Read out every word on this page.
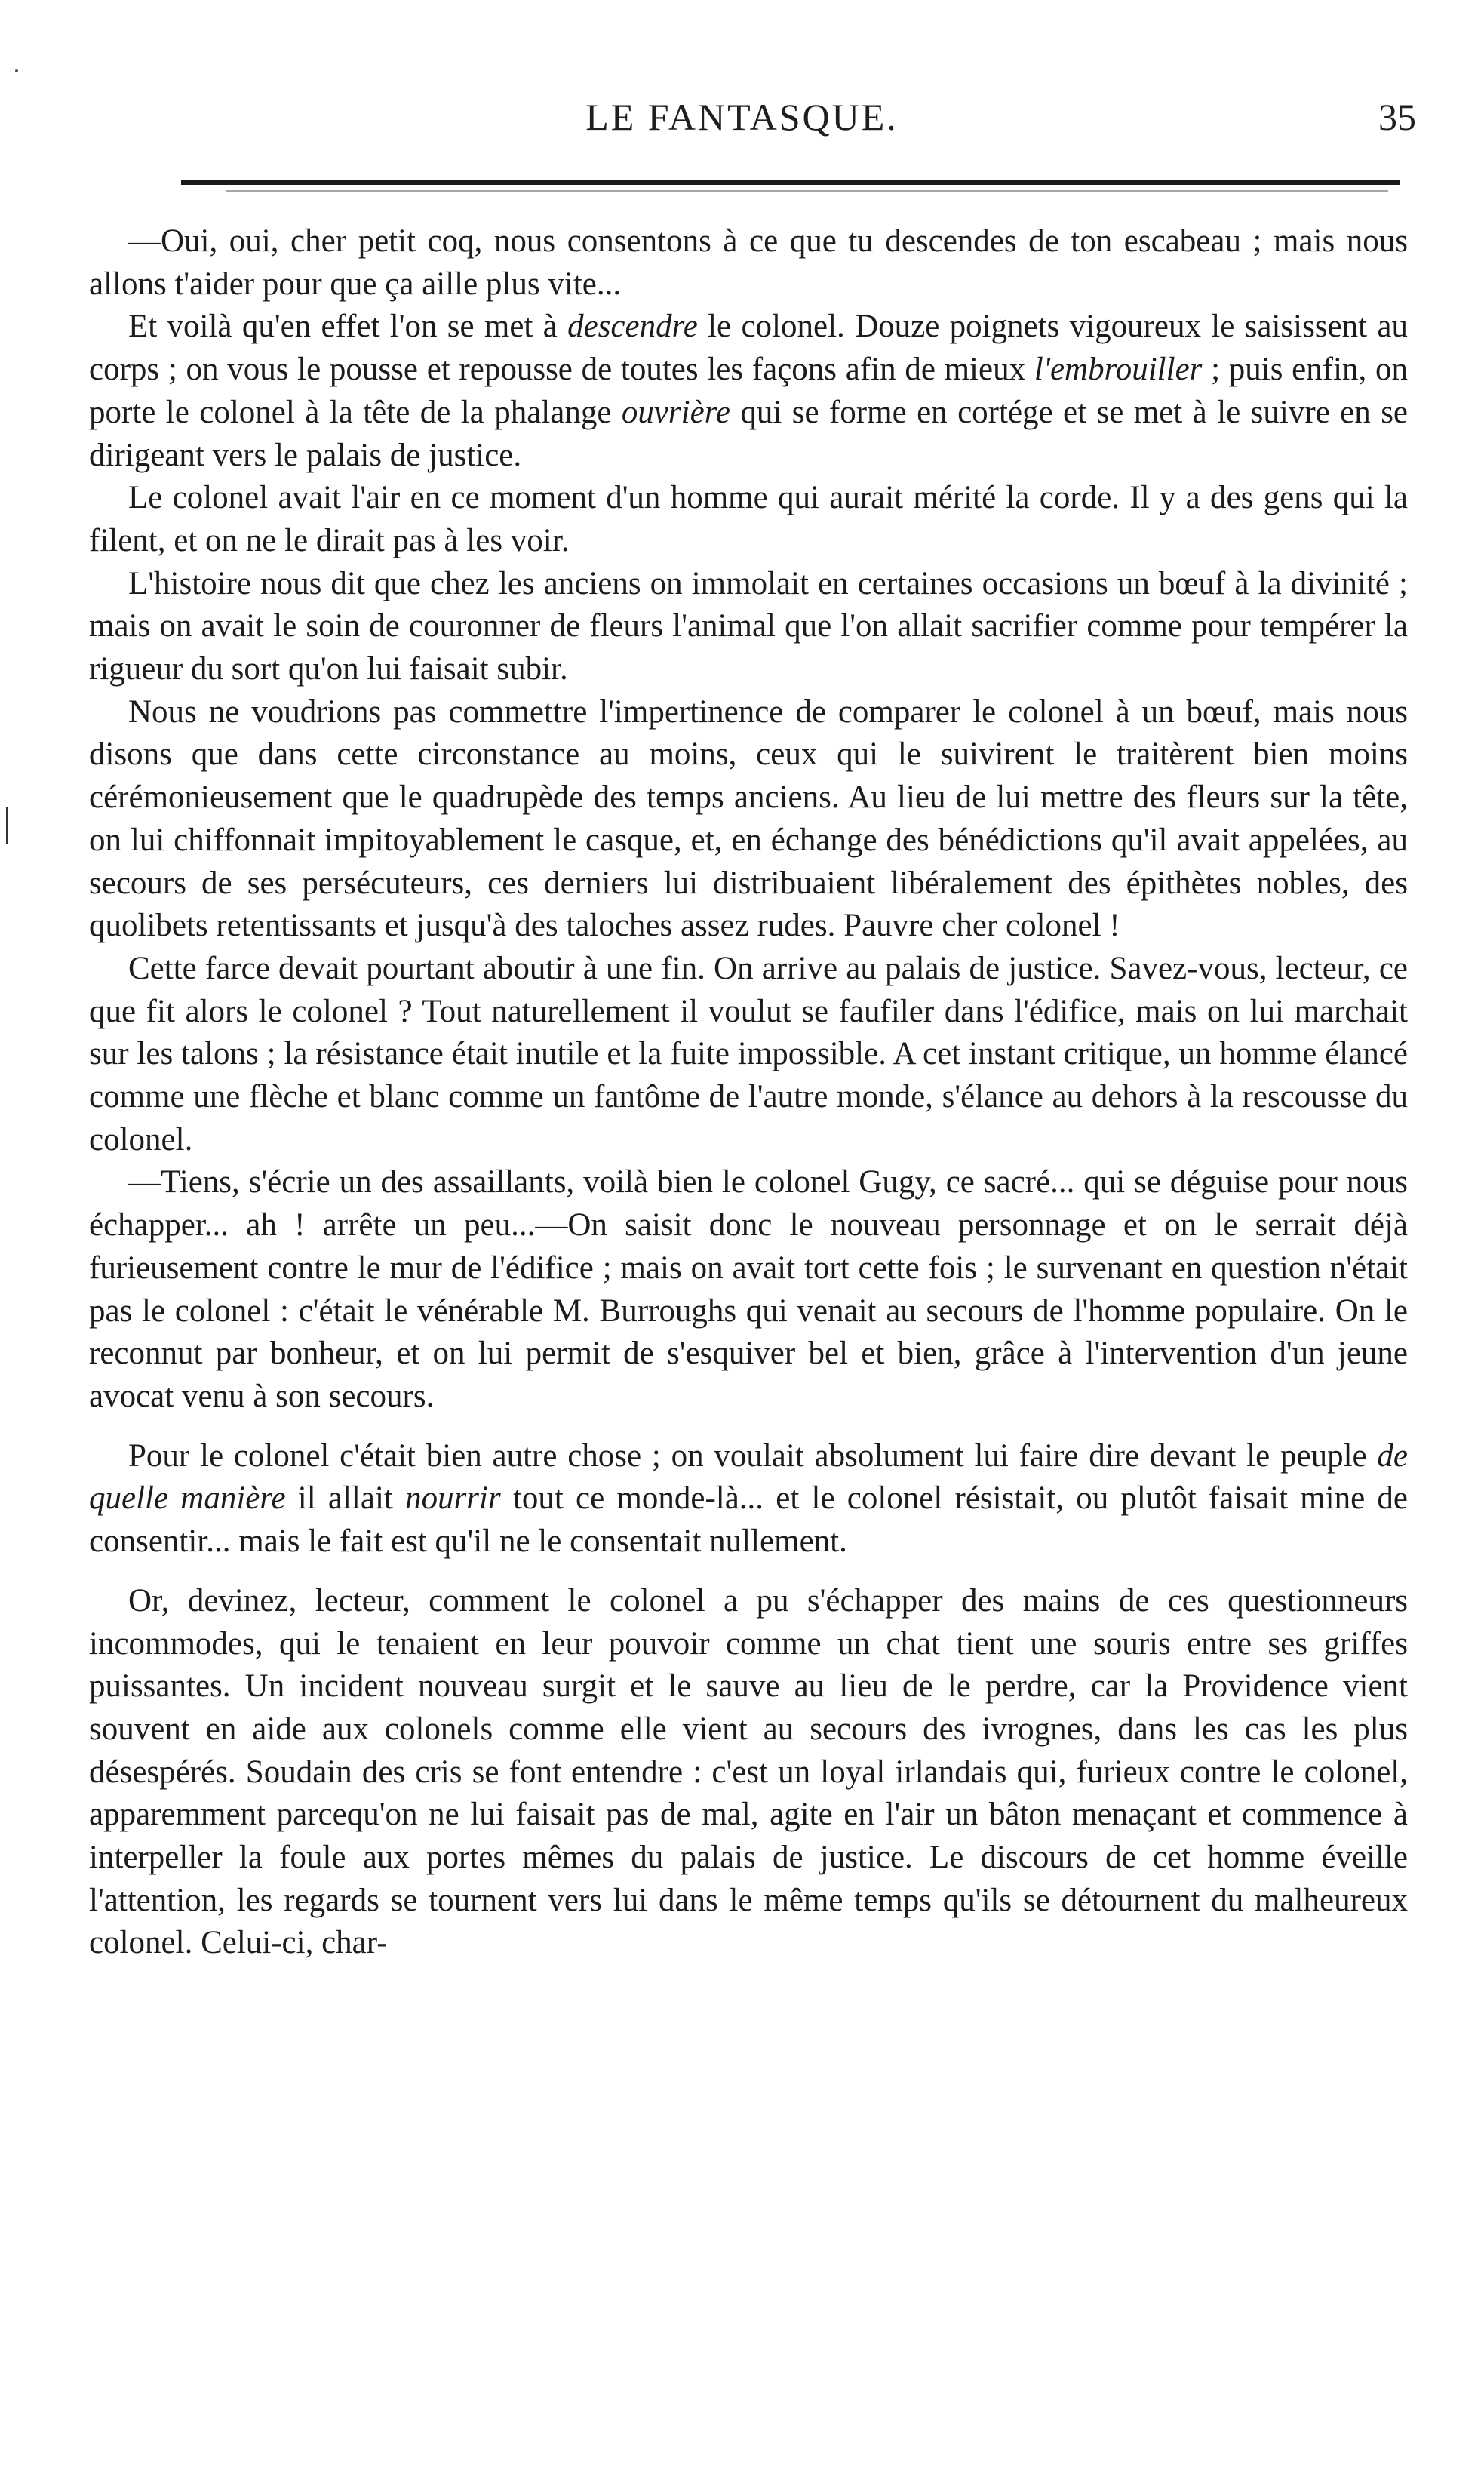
LE FANTASQUE.	35

—Oui, oui, cher petit coq, nous consentons à ce que tu descendes de ton escabeau ; mais nous allons t'aider pour que ça aille plus vite...

Et voilà qu'en effet l'on se met à descendre le colonel. Douze poignets vigoureux le saisissent au corps ; on vous le pousse et repousse de toutes les façons afin de mieux l'embrouiller ; puis enfin, on porte le colonel à la tête de la phalange ouvrière qui se forme en cortége et se met à le suivre en se dirigeant vers le palais de justice.

Le colonel avait l'air en ce moment d'un homme qui aurait mérité la corde. Il y a des gens qui la filent, et on ne le dirait pas à les voir.

L'histoire nous dit que chez les anciens on immolait en certaines occasions un bœuf à la divinité ; mais on avait le soin de couronner de fleurs l'animal que l'on allait sacrifier comme pour tempérer la rigueur du sort qu'on lui faisait subir.

Nous ne voudrions pas commettre l'impertinence de comparer le colonel à un bœuf, mais nous disons que dans cette circonstance au moins, ceux qui le suivirent le traitèrent bien moins cérémonieusement que le quadrupède des temps anciens. Au lieu de lui mettre des fleurs sur la tête, on lui chiffonnait impitoyablement le casque, et, en échange des bénédictions qu'il avait appelées, au secours de ses persécuteurs, ces derniers lui distribuaient libéralement des épithètes nobles, des quolibets retentissants et jusqu'à des taloches assez rudes. Pauvre cher colonel !

Cette farce devait pourtant aboutir à une fin. On arrive au palais de justice. Savez-vous, lecteur, ce que fit alors le colonel ? Tout naturellement il voulut se faufiler dans l'édifice, mais on lui marchait sur les talons ; la résistance était inutile et la fuite impossible. A cet instant critique, un homme élancé comme une flèche et blanc comme un fantôme de l'autre monde, s'élance au dehors à la rescousse du colonel.

—Tiens, s'écrie un des assaillants, voilà bien le colonel Gugy, ce sacré... qui se déguise pour nous échapper... ah ! arrête un peu...—On saisit donc le nouveau personnage et on le serrait déjà furieusement contre le mur de l'édifice ; mais on avait tort cette fois ; le survenant en question n'était pas le colonel : c'était le vénérable M. Burroughs qui venait au secours de l'homme populaire. On le reconnut par bonheur, et on lui permit de s'esquiver bel et bien, grâce à l'intervention d'un jeune avocat venu à son secours.

Pour le colonel c'était bien autre chose ; on voulait absolument lui faire dire devant le peuple de quelle manière il allait nourrir tout ce monde-là... et le colonel résistait, ou plutôt faisait mine de consentir... mais le fait est qu'il ne le consentait nullement.

Or, devinez, lecteur, comment le colonel a pu s'échapper des mains de ces questionneurs incommodes, qui le tenaient en leur pouvoir comme un chat tient une souris entre ses griffes puissantes. Un incident nouveau surgit et le sauve au lieu de le perdre, car la Providence vient souvent en aide aux colonels comme elle vient au secours des ivrognes, dans les cas les plus désespérés. Soudain des cris se font entendre : c'est un loyal irlandais qui, furieux contre le colonel, apparemment parcequ'on ne lui faisait pas de mal, agite en l'air un bâton menaçant et commence à interpeller la foule aux portes mêmes du palais de justice. Le discours de cet homme éveille l'attention, les regards se tournent vers lui dans le même temps qu'ils se détournent du malheureux colonel. Celui-ci, char-
